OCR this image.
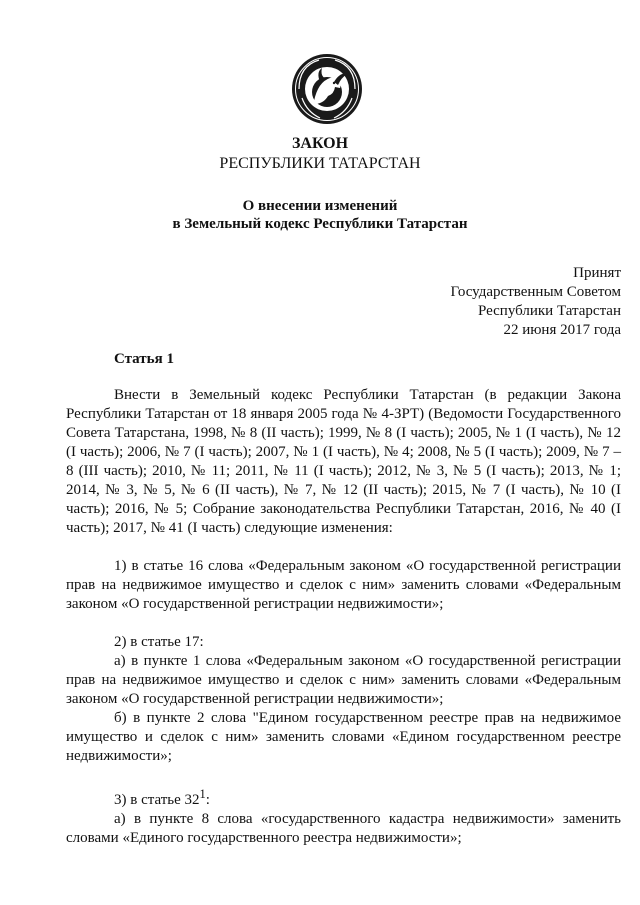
ЗАКОН
РЕСПУБЛИКИ ТАТАРСТАН
О внесении изменений
в Земельный кодекс Республики Татарстан
Принят
Государственным Советом
Республики Татарстан
22 июня 2017 года
Статья 1

Внести в Земельный кодекс Республики Татарстан (в редакции Закона Республики Татарстан от 18 января 2005 года № 4-ЗРТ) (Ведомости Государственного Совета Татарстана, 1998, № 8 (II часть); 1999, № 8 (I часть); 2005, № 1 (I часть), № 12 (I часть); 2006, № 7 (I часть); 2007, № 1 (I часть), № 4; 2008, № 5 (I часть); 2009, № 7 – 8 (III часть); 2010, № 11; 2011, № 11 (I часть); 2012, № 3, № 5 (I часть); 2013, № 1; 2014, № 3, № 5, № 6 (II часть), № 7, № 12 (II часть); 2015, № 7 (I часть), № 10 (I часть); 2016, № 5; Собрание законодательства Республики Татарстан, 2016, № 40 (I часть); 2017, № 41 (I часть) следующие изменения:

1) в статье 16 слова «Федеральным законом «О государственной регистрации прав на недвижимое имущество и сделок с ним» заменить словами «Федеральным законом «О государственной регистрации недвижимости»;

2) в статье 17:

а) в пункте 1 слова «Федеральным законом «О государственной регистрации прав на недвижимое имущество и сделок с ним» заменить словами «Федеральным законом «О государственной регистрации недвижимости»;

б) в пункте 2 слова "Едином государственном реестре прав на недвижимое имущество и сделок с ним» заменить словами «Едином государственном реестре недвижимости»;

3) в статье $32^1$:

а) в пункте 8 слова «государственного кадастра недвижимости» заменить словами «Единого государственного реестра недвижимости»;
